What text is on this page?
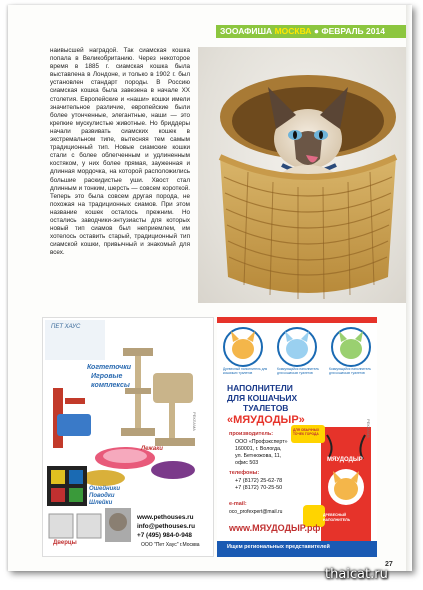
ЗООАФИША МОСКВА ● ФЕВРАЛЬ 2014

наивысшей наградой. Так сиамская кошка попала в Великобританию. Через некоторое время в 1885 г. сиамская кошка была выставлена в Лондоне, и только в 1902 г. был установлен стандарт породы. В Россию сиамская кошка была завезена в начале XX столетия. Европейские и «наши» кошки имели значительное различие, европейские были более утонченные, элегантные, наши — это крепкие мускулистые животные. Но бриддеры начали развивать сиамских кошек в экстремальном типе, вытесняя тем самым традиционный тип. Новые сиамские кошки стали с более облегченным и удлиненным костяком, у них более прямая, зауженная и длинная мордочка, на которой расположились большие раскидистые уши. Хвост стал длинным и тонким, шерсть — совсем короткой. Теперь это была совсем другая порода, не похожая на традиционных сиамов. При этом название кошек осталось прежним. Но остались заводчики-энтузиасты для которых новый тип сиамов был неприемлем, им хотелось оставить старый, традиционный тип сиамской кошки, привычный и знакомый для всех.

ПЕТ ХАУС
Когтеточки
Игровые
комплексы
Лежаки
Ошейники
Поводки
Шлейки
Дверцы
www.pethouses.ru
info@pethouses.ru
+7 (495) 984-0-948
ООО "Пет Хаус" г.Москва
РЕКЛАМА
Древесный наполнитель для кошачьих туалетов
Комкующийся наполнитель для кошачьих туалетов
Комкующийся наполнитель для кошачьих туалетов
НАПОЛНИТЕЛИ
ДЛЯ КОШАЧЬИХ
ТУАЛЕТОВ
«МЯУДОДЫР»
ДЛЯ ОБЫЧНЫХ ТОЧЕК ГОРОДА
производитель:
ООО «Профэксперт»
160001, г. Вологда,
ул. Бетнюжова, 11,
офис 503
телефоны:
+7 (8172) 25-62-78
+7 (8172) 70-25-50
e-mail:
oco_profexpert@mail.ru
МЯУДОДЫР
ДРЕВЕСНЫЙ НАПОЛНИТЕЛЬ
www.МЯУДОДЫР.рф
Ищем региональных представителей
РЕКЛАМА
27
thaicat.ru
